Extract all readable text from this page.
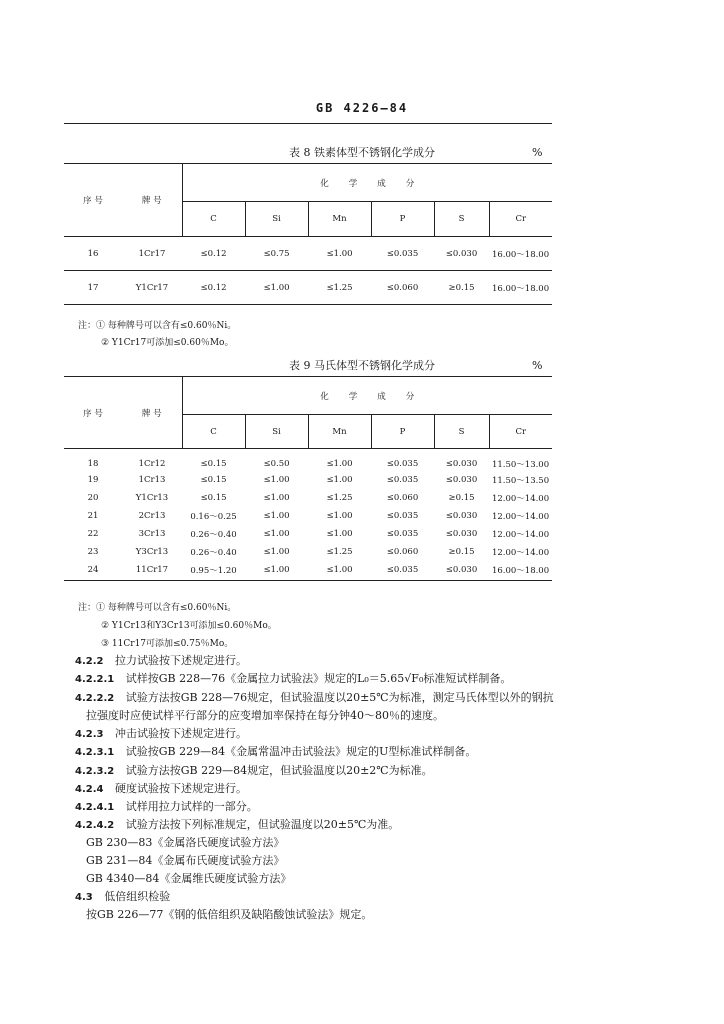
GB 4226—84
表 8 铁素体型不锈钢化学成分	%
序 号	牌 号	化学成分					
		C	Si	Mn	P	S	Cr
16	1Cr17	≤0.12	≤0.75	≤1.00	≤0.035	≤0.030	16.00～18.00
17	Y1Cr17	≤0.12	≤1.00	≤1.25	≤0.060	≥0.15	16.00～18.00
注：① 每种牌号可以含有≤0.60％Ni。
② Y1Cr17可添加≤0.60％Mo。
表 9 马氏体型不锈钢化学成分	%
序 号	牌 号	化学成分					
		C	Si	Mn	P	S	Cr
18	1Cr12	≤0.15	≤0.50	≤1.00	≤0.035	≤0.030	11.50～13.00
19	1Cr13	≤0.15	≤1.00	≤1.00	≤0.035	≤0.030	11.50～13.50
20	Y1Cr13	≤0.15	≤1.00	≤1.25	≤0.060	≥0.15	12.00～14.00
21	2Cr13	0.16～0.25	≤1.00	≤1.00	≤0.035	≤0.030	12.00～14.00
22	3Cr13	0.26～0.40	≤1.00	≤1.00	≤0.035	≤0.030	12.00～14.00
23	Y3Cr13	0.26～0.40	≤1.00	≤1.25	≤0.060	≥0.15	12.00～14.00
24	11Cr17	0.95～1.20	≤1.00	≤1.00	≤0.035	≤0.030	16.00～18.00
注：① 每种牌号可以含有≤0.60％Ni。
② Y1Cr13和Y3Cr13可添加≤0.60％Mo。
③ 11Cr17可添加≤0.75％Mo。
4.2.2 拉力试验按下述规定进行。
4.2.2.1 试样按GB 228—76《金属拉力试验法》规定的L₀＝5.65√F₀标准短试样制备。
4.2.2.2 试验方法按GB 228—76规定，但试验温度以20±5℃为标准，测定马氏体型以外的钢抗
拉强度时应使试样平行部分的应变增加率保持在每分钟40～80％的速度。
4.2.3 冲击试验按下述规定进行。
4.2.3.1 试验按GB 229—84《金属常温冲击试验法》规定的U型标准试样制备。
4.2.3.2 试验方法按GB 229—84规定，但试验温度以20±2℃为标准。
4.2.4 硬度试验按下述规定进行。
4.2.4.1 试样用拉力试样的一部分。
4.2.4.2 试验方法按下列标准规定，但试验温度以20±5℃为准。
GB 230—83《金属洛氏硬度试验方法》
GB 231—84《金属布氏硬度试验方法》
GB 4340—84《金属维氏硬度试验方法》
4.3 低倍组织检验
按GB 226—77《钢的低倍组织及缺陷酸蚀试验法》规定。
